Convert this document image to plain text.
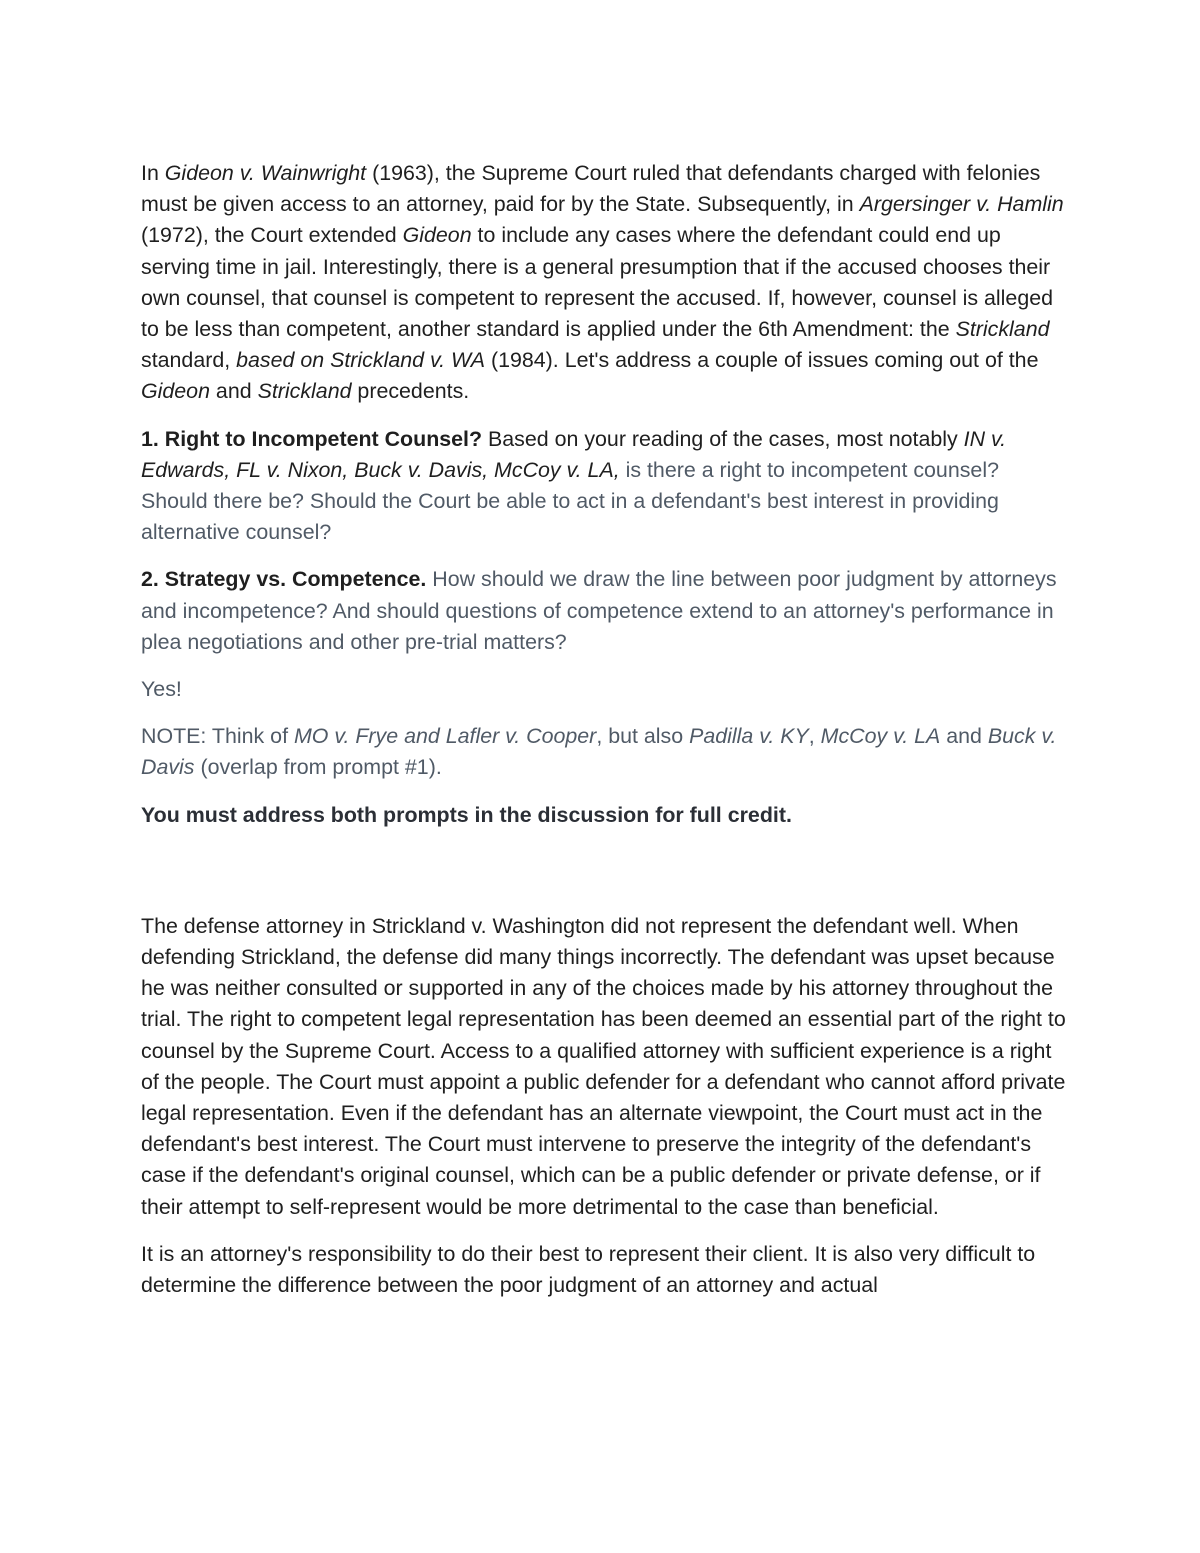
In Gideon v. Wainwright (1963), the Supreme Court ruled that defendants charged with felonies must be given access to an attorney, paid for by the State. Subsequently, in Argersinger v. Hamlin (1972), the Court extended Gideon to include any cases where the defendant could end up serving time in jail. Interestingly, there is a general presumption that if the accused chooses their own counsel, that counsel is competent to represent the accused. If, however, counsel is alleged to be less than competent, another standard is applied under the 6th Amendment: the Strickland standard, based on Strickland v. WA (1984). Let's address a couple of issues coming out of the Gideon and Strickland precedents.

1. Right to Incompetent Counsel? Based on your reading of the cases, most notably IN v. Edwards, FL v. Nixon, Buck v. Davis, McCoy v. LA, is there a right to incompetent counsel? Should there be? Should the Court be able to act in a defendant's best interest in providing alternative counsel?

2. Strategy vs. Competence. How should we draw the line between poor judgment by attorneys and incompetence? And should questions of competence extend to an attorney's performance in plea negotiations and other pre-trial matters?

Yes!

NOTE: Think of MO v. Frye and Lafler v. Cooper, but also Padilla v. KY, McCoy v. LA and Buck v. Davis (overlap from prompt #1).

You must address both prompts in the discussion for full credit.

The defense attorney in Strickland v. Washington did not represent the defendant well. When defending Strickland, the defense did many things incorrectly. The defendant was upset because he was neither consulted or supported in any of the choices made by his attorney throughout the trial. The right to competent legal representation has been deemed an essential part of the right to counsel by the Supreme Court. Access to a qualified attorney with sufficient experience is a right of the people. The Court must appoint a public defender for a defendant who cannot afford private legal representation. Even if the defendant has an alternate viewpoint, the Court must act in the defendant's best interest. The Court must intervene to preserve the integrity of the defendant's case if the defendant's original counsel, which can be a public defender or private defense, or if their attempt to self-represent would be more detrimental to the case than beneficial.

It is an attorney's responsibility to do their best to represent their client. It is also very difficult to determine the difference between the poor judgment of an attorney and actual
